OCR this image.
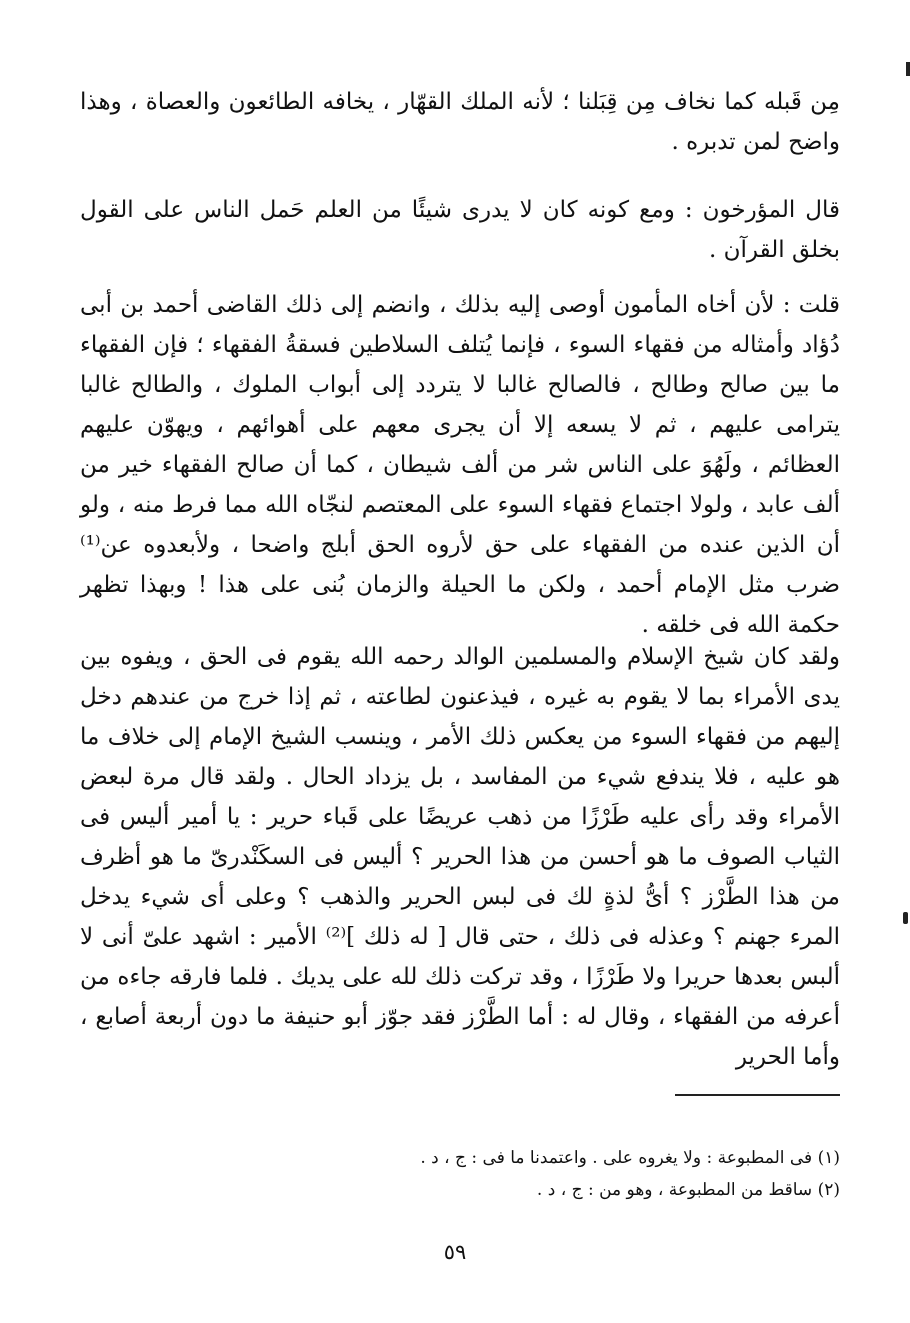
مِن قَبله كما نخاف مِن قِبَلنا ؛ لأنه الملك القهّار ، يخافه الطائعون والعصاة ، وهذا واضح لمن تدبره .

قال المؤرخون : ومع كونه كان لا يدرى شيئًا من العلم حَمل الناس على القول بخلق القرآن .

قلت : لأن أخاه المأمون أوصى إليه بذلك ، وانضم إلى ذلك القاضى أحمد بن أبى دُؤاد وأمثاله من فقهاء السوء ، فإنما يُتلف السلاطين فسقةُ الفقهاء ؛ فإن الفقهاء ما بين صالح وطالح ، فالصالح غالبا لا يتردد إلى أبواب الملوك ، والطالح غالبا يترامى عليهم ، ثم لا يسعه إلا أن يجرى معهم على أهوائهم ، ويهوّن عليهم العظائم ، ولَهُوَ على الناس شر من ألف شيطان ، كما أن صالح الفقهاء خير من ألف عابد ، ولولا اجتماع فقهاء السوء على المعتصم لنجّاه الله مما فرط منه ، ولو أن الذين عنده من الفقهاء على حق لأروه الحق أبلج واضحا ، ولأبعدوه عن⁽¹⁾ ضرب مثل الإمام أحمد ، ولكن ما الحيلة والزمان بُنى على هذا ! وبهذا تظهر حكمة الله فى خلقه .

ولقد كان شيخ الإسلام والمسلمين الوالد رحمه الله يقوم فى الحق ، ويفوه بين يدى الأمراء بما لا يقوم به غيره ، فيذعنون لطاعته ، ثم إذا خرج من عندهم دخل إليهم من فقهاء السوء من يعكس ذلك الأمر ، وينسب الشيخ الإمام إلى خلاف ما هو عليه ، فلا يندفع شيء من المفاسد ، بل يزداد الحال . ولقد قال مرة لبعض الأمراء وقد رأى عليه طَرْزًا من ذهب عريضًا على قَباء حرير : يا أمير أليس فى الثياب الصوف ما هو أحسن من هذا الحرير ؟ أليس فى السكَنْدرىّ ما هو أظرف من هذا الطَّرْز ؟ أىُّ لذةٍ لك فى لبس الحرير والذهب ؟ وعلى أى شيء يدخل المرء جهنم ؟ وعذله فى ذلك ، حتى قال [ له ذلك ]⁽²⁾ الأمير : اشهد علىّ أنى لا ألبس بعدها حريرا ولا طَرْزًا ، وقد تركت ذلك لله على يديك . فلما فارقه جاءه من أعرفه من الفقهاء ، وقال له : أما الطَّرْز فقد جوّز أبو حنيفة ما دون أربعة أصابع ، وأما الحرير

(١) فى المطبوعة : ولا يغروه على . واعتمدنا ما فى : ج ، د .

(٢) ساقط من المطبوعة ، وهو من : ج ، د .

٥٩
